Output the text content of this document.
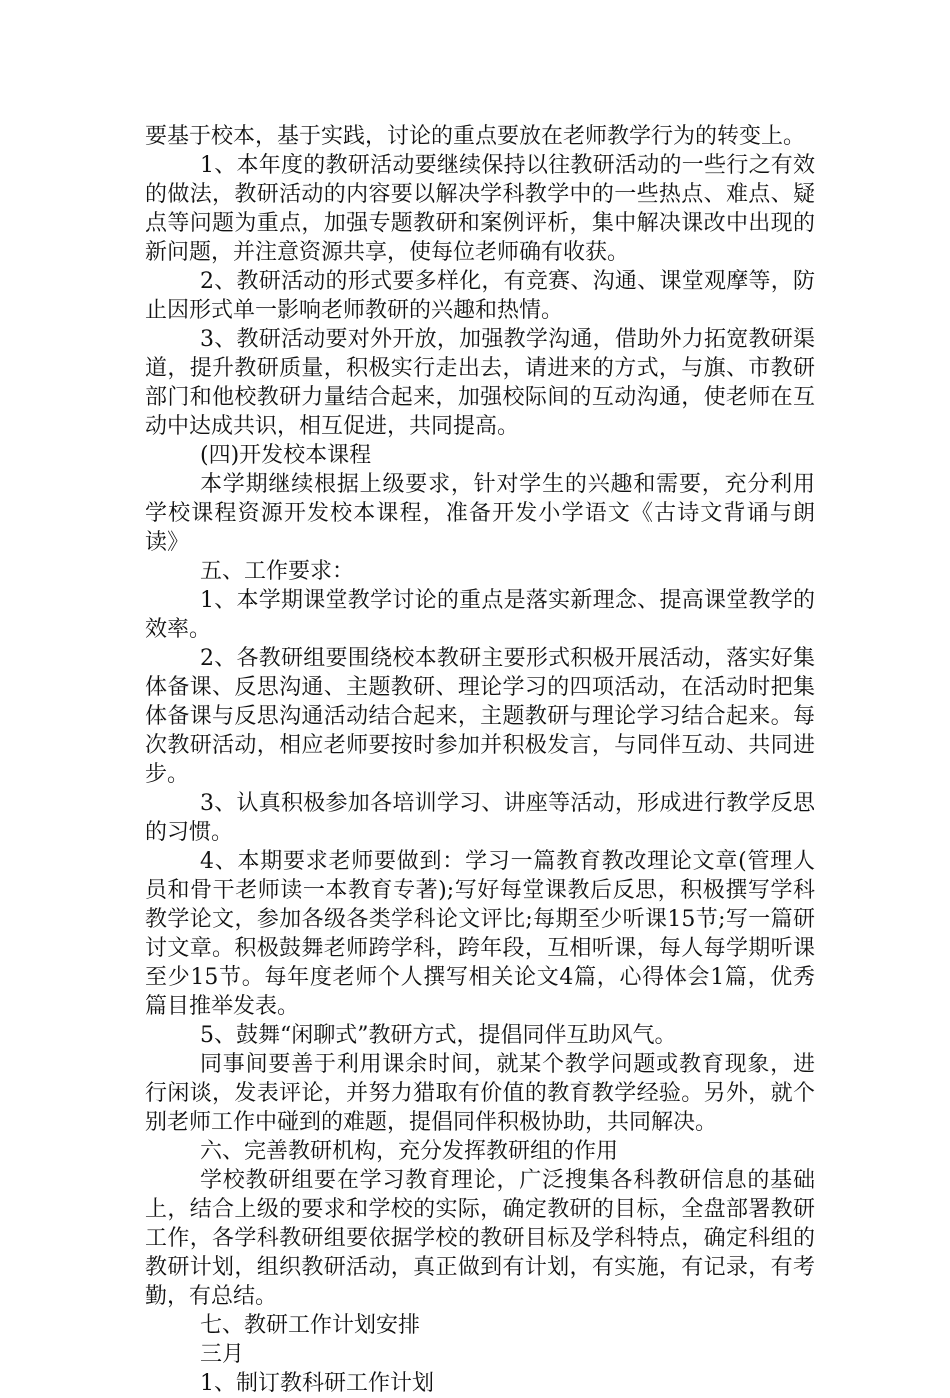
要基于校本，基于实践，讨论的重点要放在老师教学行为的转变上。

1、本年度的教研活动要继续保持以往教研活动的一些行之有效的做法，教研活动的内容要以解决学科教学中的一些热点、难点、疑点等问题为重点，加强专题教研和案例评析，集中解决课改中出现的新问题，并注意资源共享，使每位老师确有收获。

2、教研活动的形式要多样化，有竞赛、沟通、课堂观摩等，防止因形式单一影响老师教研的兴趣和热情。

3、教研活动要对外开放，加强教学沟通，借助外力拓宽教研渠道，提升教研质量，积极实行走出去，请进来的方式，与旗、市教研部门和他校教研力量结合起来，加强校际间的互动沟通，使老师在互动中达成共识，相互促进，共同提高。

(四)开发校本课程

本学期继续根据上级要求，针对学生的兴趣和需要，充分利用学校课程资源开发校本课程，准备开发小学语文《古诗文背诵与朗读》

五、工作要求：

1、本学期课堂教学讨论的重点是落实新理念、提高课堂教学的效率。

2、各教研组要围绕校本教研主要形式积极开展活动，落实好集体备课、反思沟通、主题教研、理论学习的四项活动，在活动时把集体备课与反思沟通活动结合起来，主题教研与理论学习结合起来。每次教研活动，相应老师要按时参加并积极发言，与同伴互动、共同进步。

3、认真积极参加各培训学习、讲座等活动，形成进行教学反思的习惯。

4、本期要求老师要做到：学习一篇教育教改理论文章(管理人员和骨干老师读一本教育专著);写好每堂课教后反思，积极撰写学科教学论文，参加各级各类学科论文评比;每期至少听课15节;写一篇研讨文章。积极鼓舞老师跨学科，跨年段，互相听课，每人每学期听课至少15节。每年度老师个人撰写相关论文4篇，心得体会1篇，优秀篇目推举发表。

5、鼓舞“闲聊式”教研方式，提倡同伴互助风气。

同事间要善于利用课余时间，就某个教学问题或教育现象，进行闲谈，发表评论，并努力猎取有价值的教育教学经验。另外，就个别老师工作中碰到的难题，提倡同伴积极协助，共同解决。

六、完善教研机构，充分发挥教研组的作用

学校教研组要在学习教育理论，广泛搜集各科教研信息的基础上，结合上级的要求和学校的实际，确定教研的目标，全盘部署教研工作，各学科教研组要依据学校的教研目标及学科特点，确定科组的教研计划，组织教研活动，真正做到有计划，有实施，有记录，有考勤，有总结。

七、教研工作计划安排

三月

1、制订教科研工作计划
